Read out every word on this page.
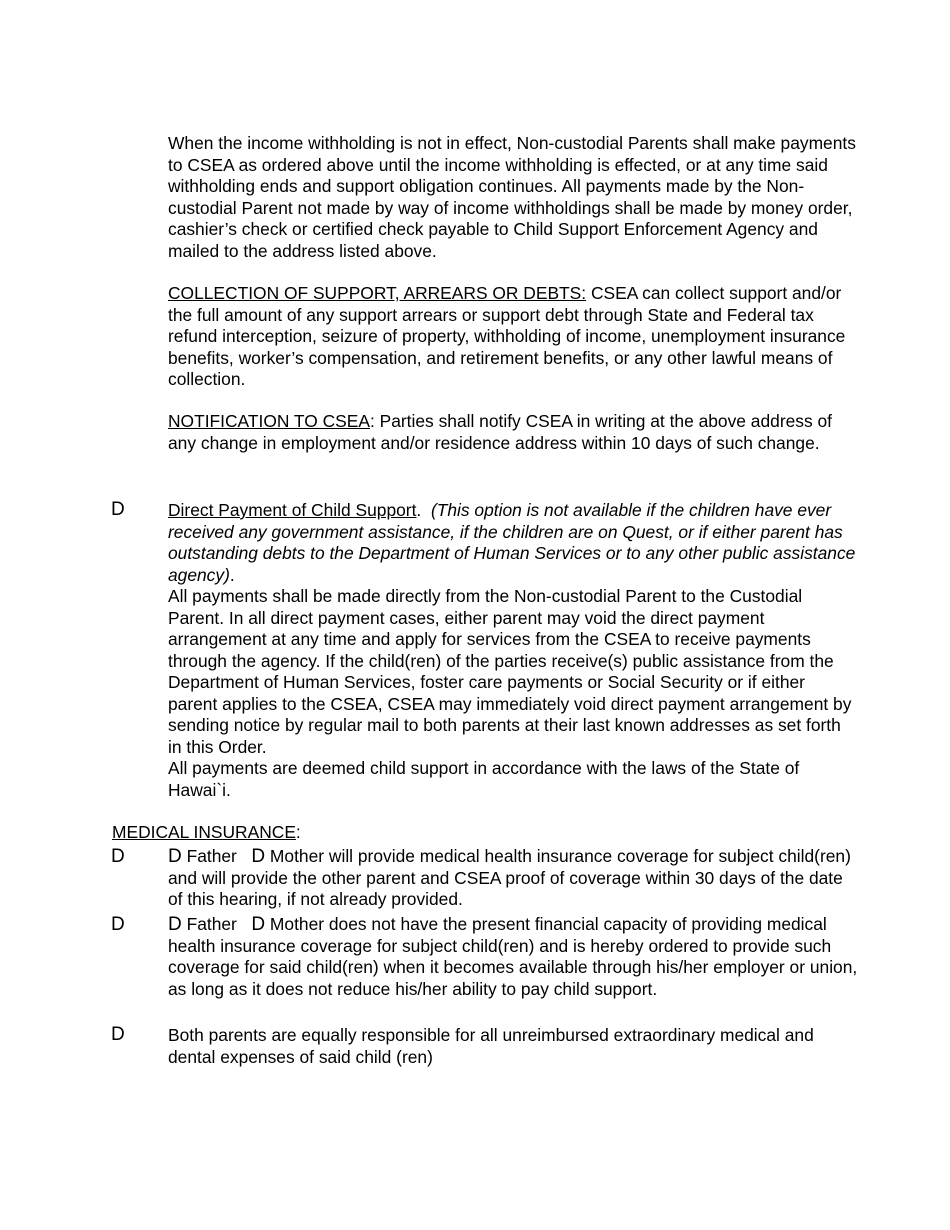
When the income withholding is not in effect, Non-custodial Parents shall make payments to CSEA as ordered above until the income withholding is effected, or at any time said withholding ends and support obligation continues. All payments made by the Non-custodial Parent not made by way of income withholdings shall be made by money order, cashier’s check or certified check payable to Child Support Enforcement Agency and mailed to the address listed above.

COLLECTION OF SUPPORT, ARREARS OR DEBTS: CSEA can collect support and/or the full amount of any support arrears or support debt through State and Federal tax refund interception, seizure of property, withholding of income, unemployment insurance benefits, worker’s compensation, and retirement benefits, or any other lawful means of collection.

NOTIFICATION TO CSEA: Parties shall notify CSEA in writing at the above address of any change in employment and/or residence address within 10 days of such change.

D Direct Payment of Child Support. (This option is not available if the children have ever received any government assistance, if the children are on Quest, or if either parent has outstanding debts to the Department of Human Services or to any other public assistance agency).
All payments shall be made directly from the Non-custodial Parent to the Custodial Parent. In all direct payment cases, either parent may void the direct payment arrangement at any time and apply for services from the CSEA to receive payments through the agency. If the child(ren) of the parties receive(s) public assistance from the Department of Human Services, foster care payments or Social Security or if either parent applies to the CSEA, CSEA may immediately void direct payment arrangement by sending notice by regular mail to both parents at their last known addresses as set forth in this Order.
All payments are deemed child support in accordance with the laws of the State of Hawai`i.

MEDICAL INSURANCE:

D D Father D Mother will provide medical health insurance coverage for subject child(ren) and will provide the other parent and CSEA proof of coverage within 30 days of the date of this hearing, if not already provided.
D D Father D Mother does not have the present financial capacity of providing medical health insurance coverage for subject child(ren) and is hereby ordered to provide such coverage for said child(ren) when it becomes available through his/her employer or union, as long as it does not reduce his/her ability to pay child support.
D Both parents are equally responsible for all unreimbursed extraordinary medical and dental expenses of said child (ren)
